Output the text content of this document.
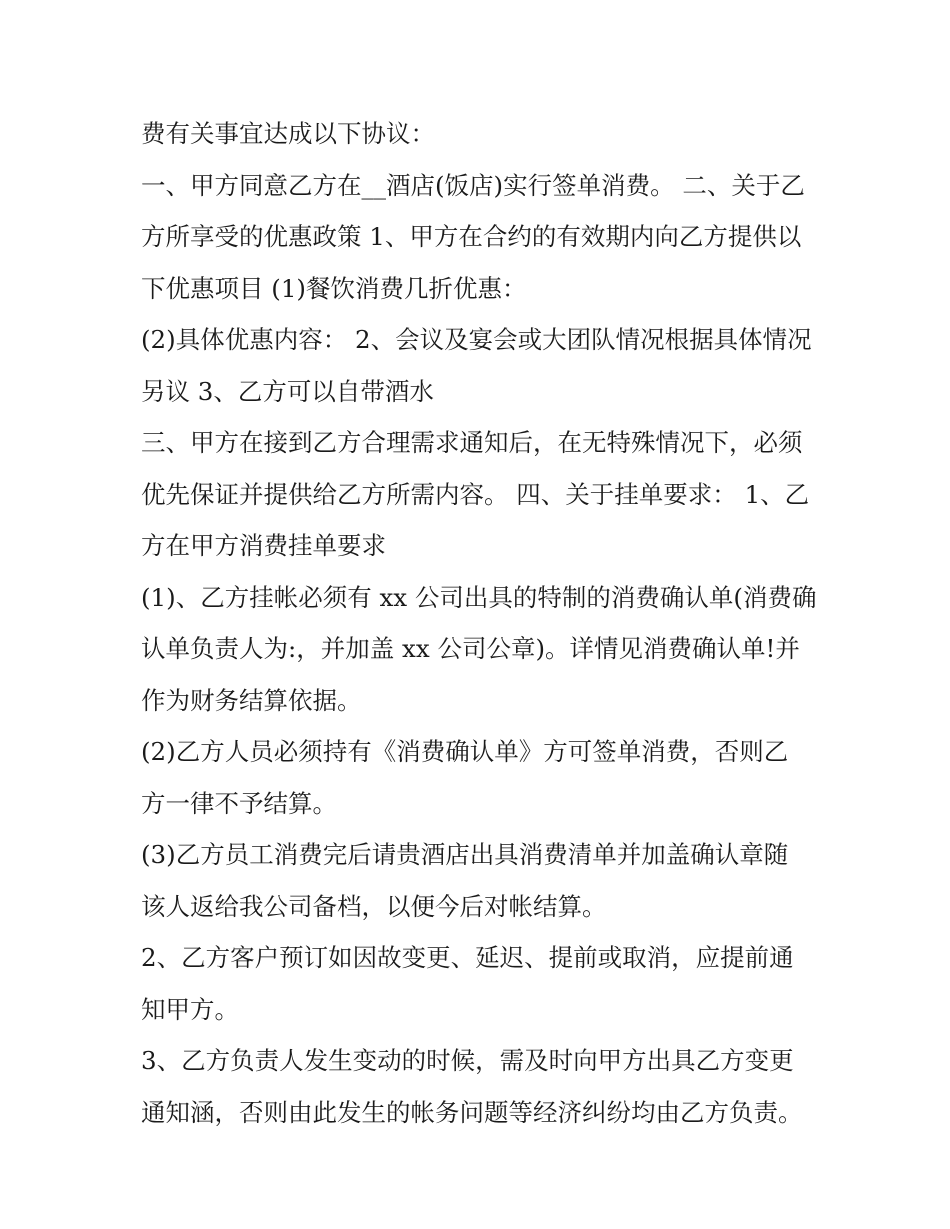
费有关事宜达成以下协议：
一、甲方同意乙方在__酒店(饭店)实行签单消费。 二、关于乙
方所享受的优惠政策 1、甲方在合约的有效期内向乙方提供以
下优惠项目 (1)餐饮消费几折优惠：
(2)具体优惠内容： 2、会议及宴会或大团队情况根据具体情况
另议 3、乙方可以自带酒水
三、甲方在接到乙方合理需求通知后，在无特殊情况下，必须
优先保证并提供给乙方所需内容。 四、关于挂单要求： 1、乙
方在甲方消费挂单要求
(1)、乙方挂帐必须有 xx 公司出具的特制的消费确认单(消费确
认单负责人为:，并加盖 xx 公司公章)。详情见消费确认单!并
作为财务结算依据。
(2)乙方人员必须持有《消费确认单》方可签单消费，否则乙
方一律不予结算。
(3)乙方员工消费完后请贵酒店出具消费清单并加盖确认章随
该人返给我公司备档，以便今后对帐结算。
2、乙方客户预订如因故变更、延迟、提前或取消，应提前通
知甲方。
3、乙方负责人发生变动的时候，需及时向甲方出具乙方变更
通知涵，否则由此发生的帐务问题等经济纠纷均由乙方负责。
